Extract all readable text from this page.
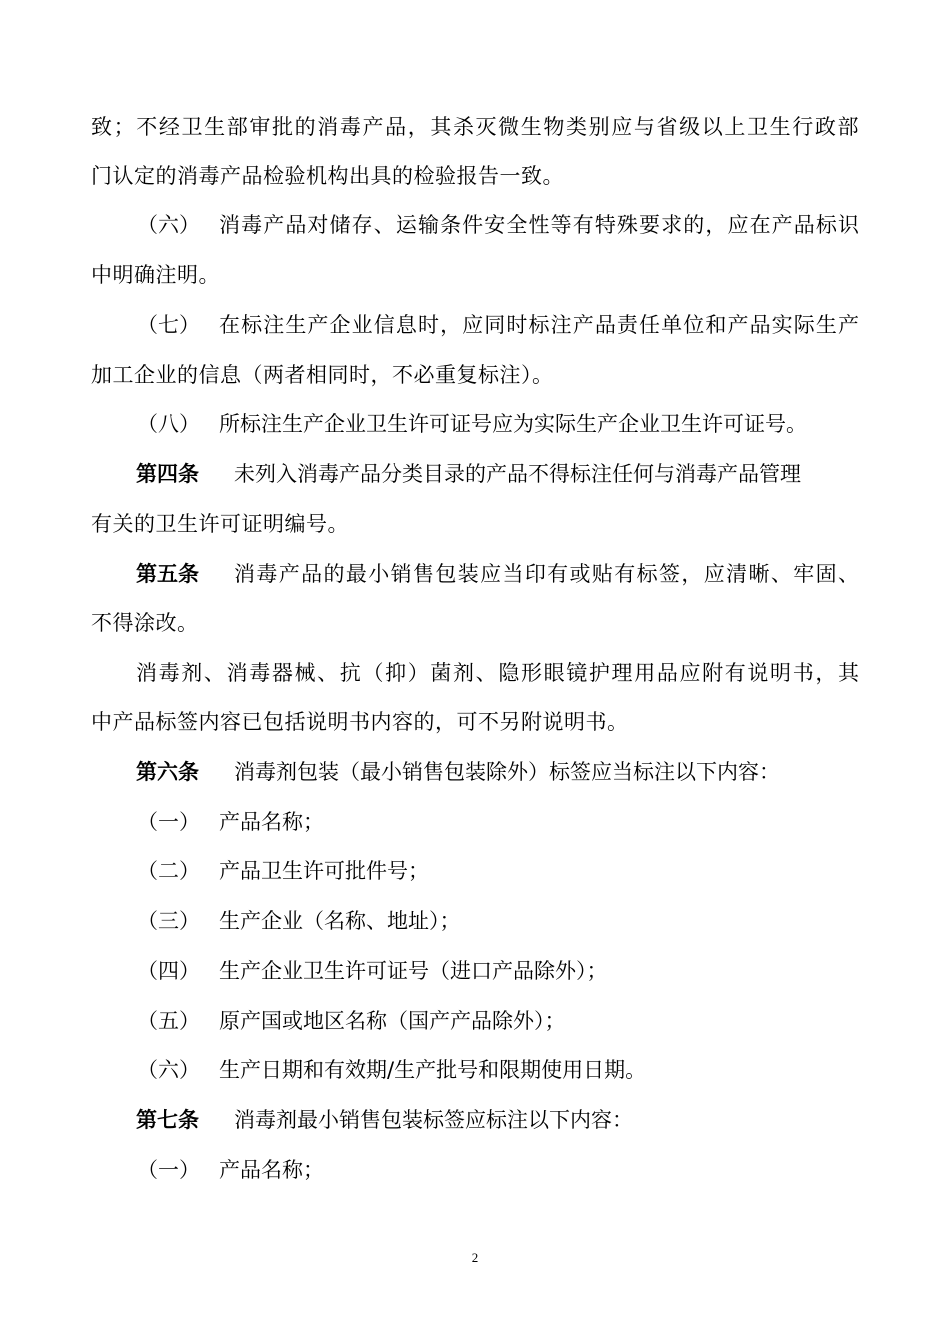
致；不经卫生部审批的消毒产品，其杀灭微生物类别应与省级以上卫生行政部
门认定的消毒产品检验机构出具的检验报告一致。
（六） 消毒产品对储存、运输条件安全性等有特殊要求的，应在产品标识
中明确注明。
（七） 在标注生产企业信息时，应同时标注产品责任单位和产品实际生产
加工企业的信息（两者相同时，不必重复标注）。
（八） 所标注生产企业卫生许可证号应为实际生产企业卫生许可证号。
第四条 未列入消毒产品分类目录的产品不得标注任何与消毒产品管理
有关的卫生许可证明编号。
第五条 消毒产品的最小销售包装应当印有或贴有标签，应清晰、牢固、
不得涂改。
消毒剂、消毒器械、抗（抑）菌剂、隐形眼镜护理用品应附有说明书，其
中产品标签内容已包括说明书内容的，可不另附说明书。
第六条 消毒剂包装（最小销售包装除外）标签应当标注以下内容：
（一） 产品名称；
（二） 产品卫生许可批件号；
（三） 生产企业（名称、地址）；
（四） 生产企业卫生许可证号（进口产品除外）；
（五） 原产国或地区名称（国产产品除外）；
（六） 生产日期和有效期/生产批号和限期使用日期。
第七条 消毒剂最小销售包装标签应标注以下内容：
（一） 产品名称；
2
